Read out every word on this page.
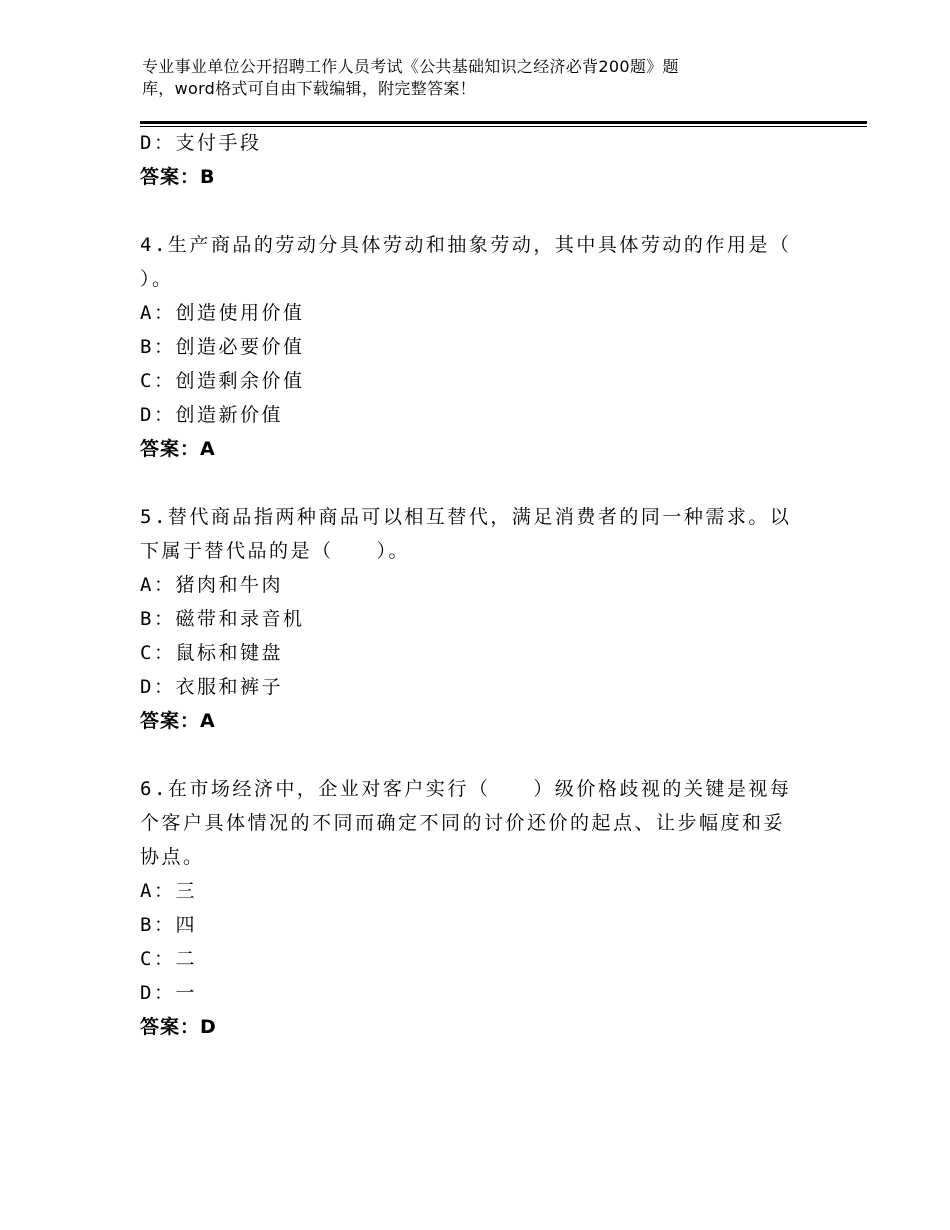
专业事业单位公开招聘工作人员考试《公共基础知识之经济必背200题》题
库，word格式可自由下载编辑，附完整答案！
D：支付手段
答案：B
4.生产商品的劳动分具体劳动和抽象劳动，其中具体劳动的作用是（
）。
A：创造使用价值
B：创造必要价值
C：创造剩余价值
D：创造新价值
答案：A
5.替代商品指两种商品可以相互替代，满足消费者的同一种需求。以
下属于替代品的是（　　）。
A：猪肉和牛肉
B：磁带和录音机
C：鼠标和键盘
D：衣服和裤子
答案：A
6.在市场经济中，企业对客户实行（　　）级价格歧视的关键是视每
个客户具体情况的不同而确定不同的讨价还价的起点、让步幅度和妥
协点。
A：三
B：四
C：二
D：一
答案：D
